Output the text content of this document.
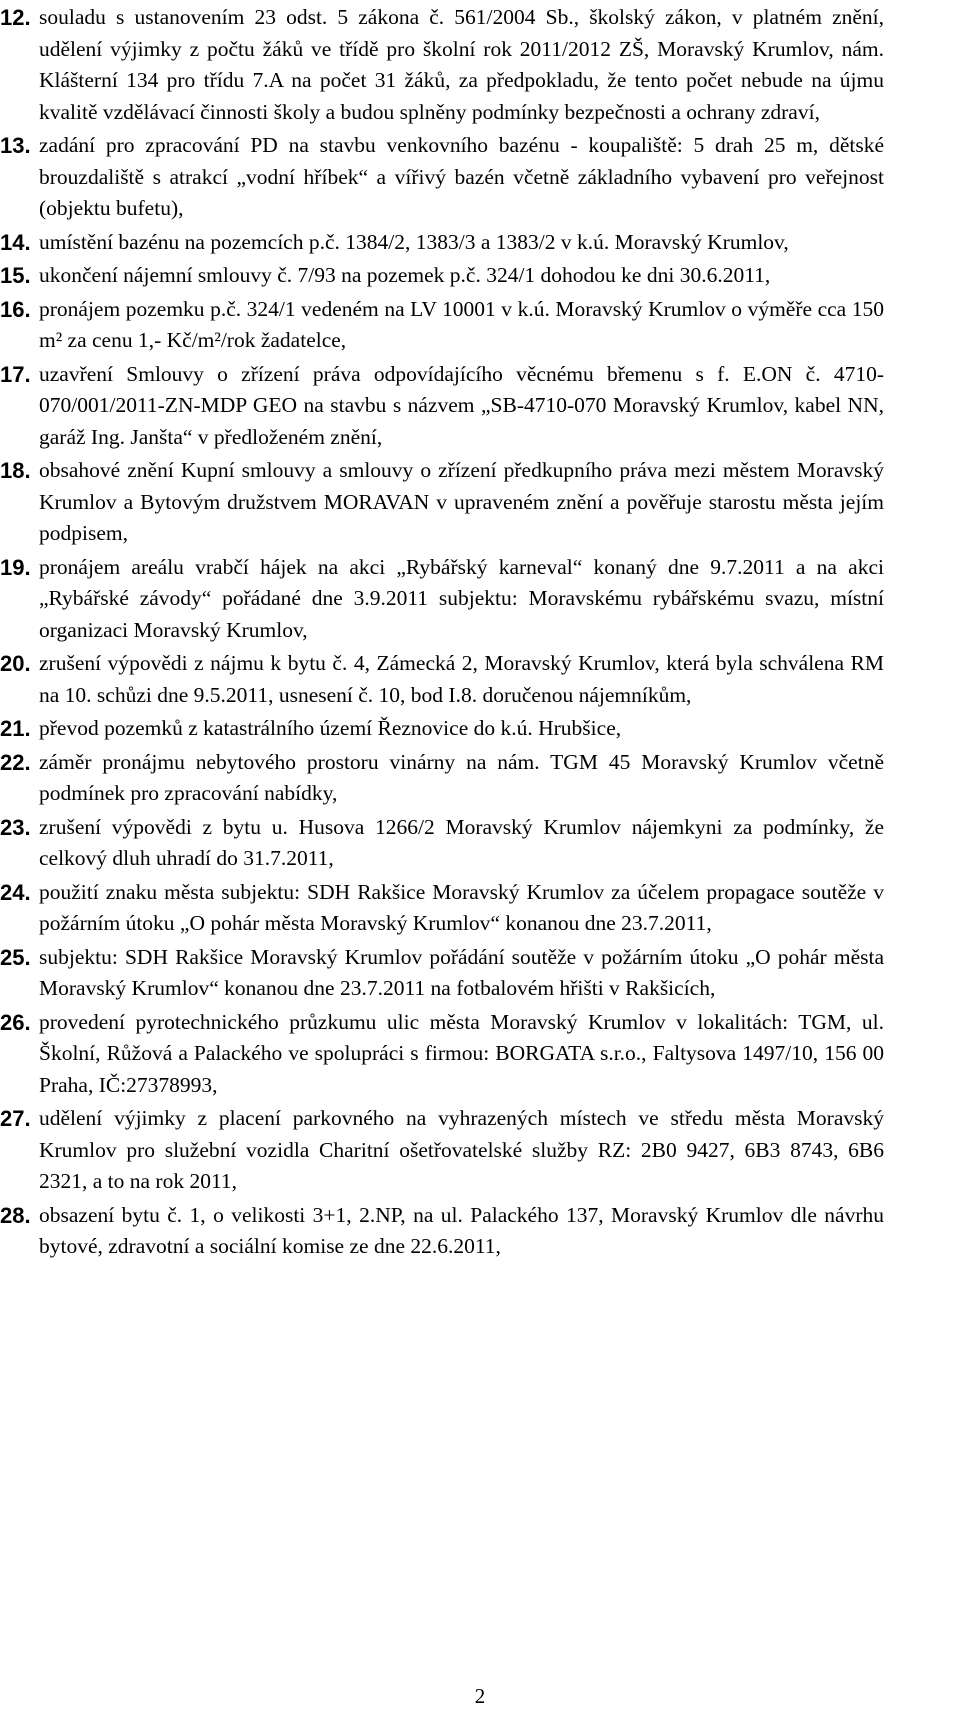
12. souladu s ustanovením 23 odst. 5 zákona č. 561/2004 Sb., školský zákon, v platném znění, udělení výjimky z počtu žáků ve třídě pro školní rok 2011/2012 ZŠ, Moravský Krumlov, nám. Klášterní 134 pro třídu 7.A na počet 31 žáků, za předpokladu, že tento počet nebude na újmu kvalitě vzdělávací činnosti školy a budou splněny podmínky bezpečnosti a ochrany zdraví,
13. zadání pro zpracování PD na stavbu venkovního bazénu - koupaliště: 5 drah 25 m, dětské brouzdaliště s atrakcí „vodní hříbek“ a vířivý bazén včetně základního vybavení pro veřejnost (objektu bufetu),
14. umístění bazénu na pozemcích p.č. 1384/2, 1383/3 a 1383/2 v k.ú. Moravský Krumlov,
15. ukončení nájemní smlouvy č. 7/93 na pozemek p.č. 324/1 dohodou ke dni 30.6.2011,
16. pronájem pozemku p.č. 324/1 vedeném na LV 10001 v k.ú. Moravský Krumlov o výměře cca 150 m² za cenu 1,- Kč/m²/rok žadatelce,
17. uzavření Smlouvy o zřízení práva odpovídajícího věcnému břemenu s f. E.ON č. 4710-070/001/2011-ZN-MDP GEO na stavbu s názvem „SB-4710-070 Moravský Krumlov, kabel NN, garáž Ing. Janšta“ v předloženém znění,
18. obsahové znění Kupní smlouvy a smlouvy o zřízení předkupního práva mezi městem Moravský Krumlov a Bytovým družstvem MORAVAN v upraveném znění a pověřuje starostu města jejím podpisem,
19. pronájem areálu vrabčí hájek na akci „Rybářský karneval“ konaný dne 9.7.2011 a na akci „Rybářské závody“ pořádané dne 3.9.2011 subjektu: Moravskému rybářskému svazu, místní organizaci Moravský Krumlov,
20. zrušení výpovědi z nájmu k bytu č. 4, Zámecká 2, Moravský Krumlov, která byla schválena RM na 10. schůzi dne 9.5.2011, usnesení č. 10, bod I.8. doručenou nájemníkům,
21. převod pozemků z katastrálního území Řeznovice do k.ú. Hrubšice,
22. záměr pronájmu nebytového prostoru vinárny na nám. TGM 45 Moravský Krumlov včetně podmínek pro zpracování nabídky,
23. zrušení výpovědi z bytu u. Husova 1266/2 Moravský Krumlov nájemkyni za podmínky, že celkový dluh uhradí do 31.7.2011,
24. použití znaku města subjektu: SDH Rakšice Moravský Krumlov za účelem propagace soutěže v požárním útoku „O pohár města Moravský Krumlov“ konanou dne 23.7.2011,
25. subjektu: SDH Rakšice Moravský Krumlov pořádání soutěže v požárním útoku „O pohár města Moravský Krumlov“ konanou dne 23.7.2011 na fotbalovém hřišti v Rakšicích,
26. provedení pyrotechnického průzkumu ulic města Moravský Krumlov v lokalitách: TGM, ul. Školní, Růžová a Palackého ve spolupráci s firmou: BORGATA s.r.o., Faltysova 1497/10, 156 00 Praha, IČ:27378993,
27. udělení výjimky z placení parkovného na vyhrazených místech ve středu města Moravský Krumlov pro služební vozidla Charitní ošetřovatelské služby RZ: 2B0 9427, 6B3 8743, 6B6 2321, a to na rok 2011,
28. obsazení bytu č. 1, o velikosti 3+1, 2.NP, na ul. Palackého 137, Moravský Krumlov dle návrhu bytové, zdravotní a sociální komise ze dne 22.6.2011,
2
